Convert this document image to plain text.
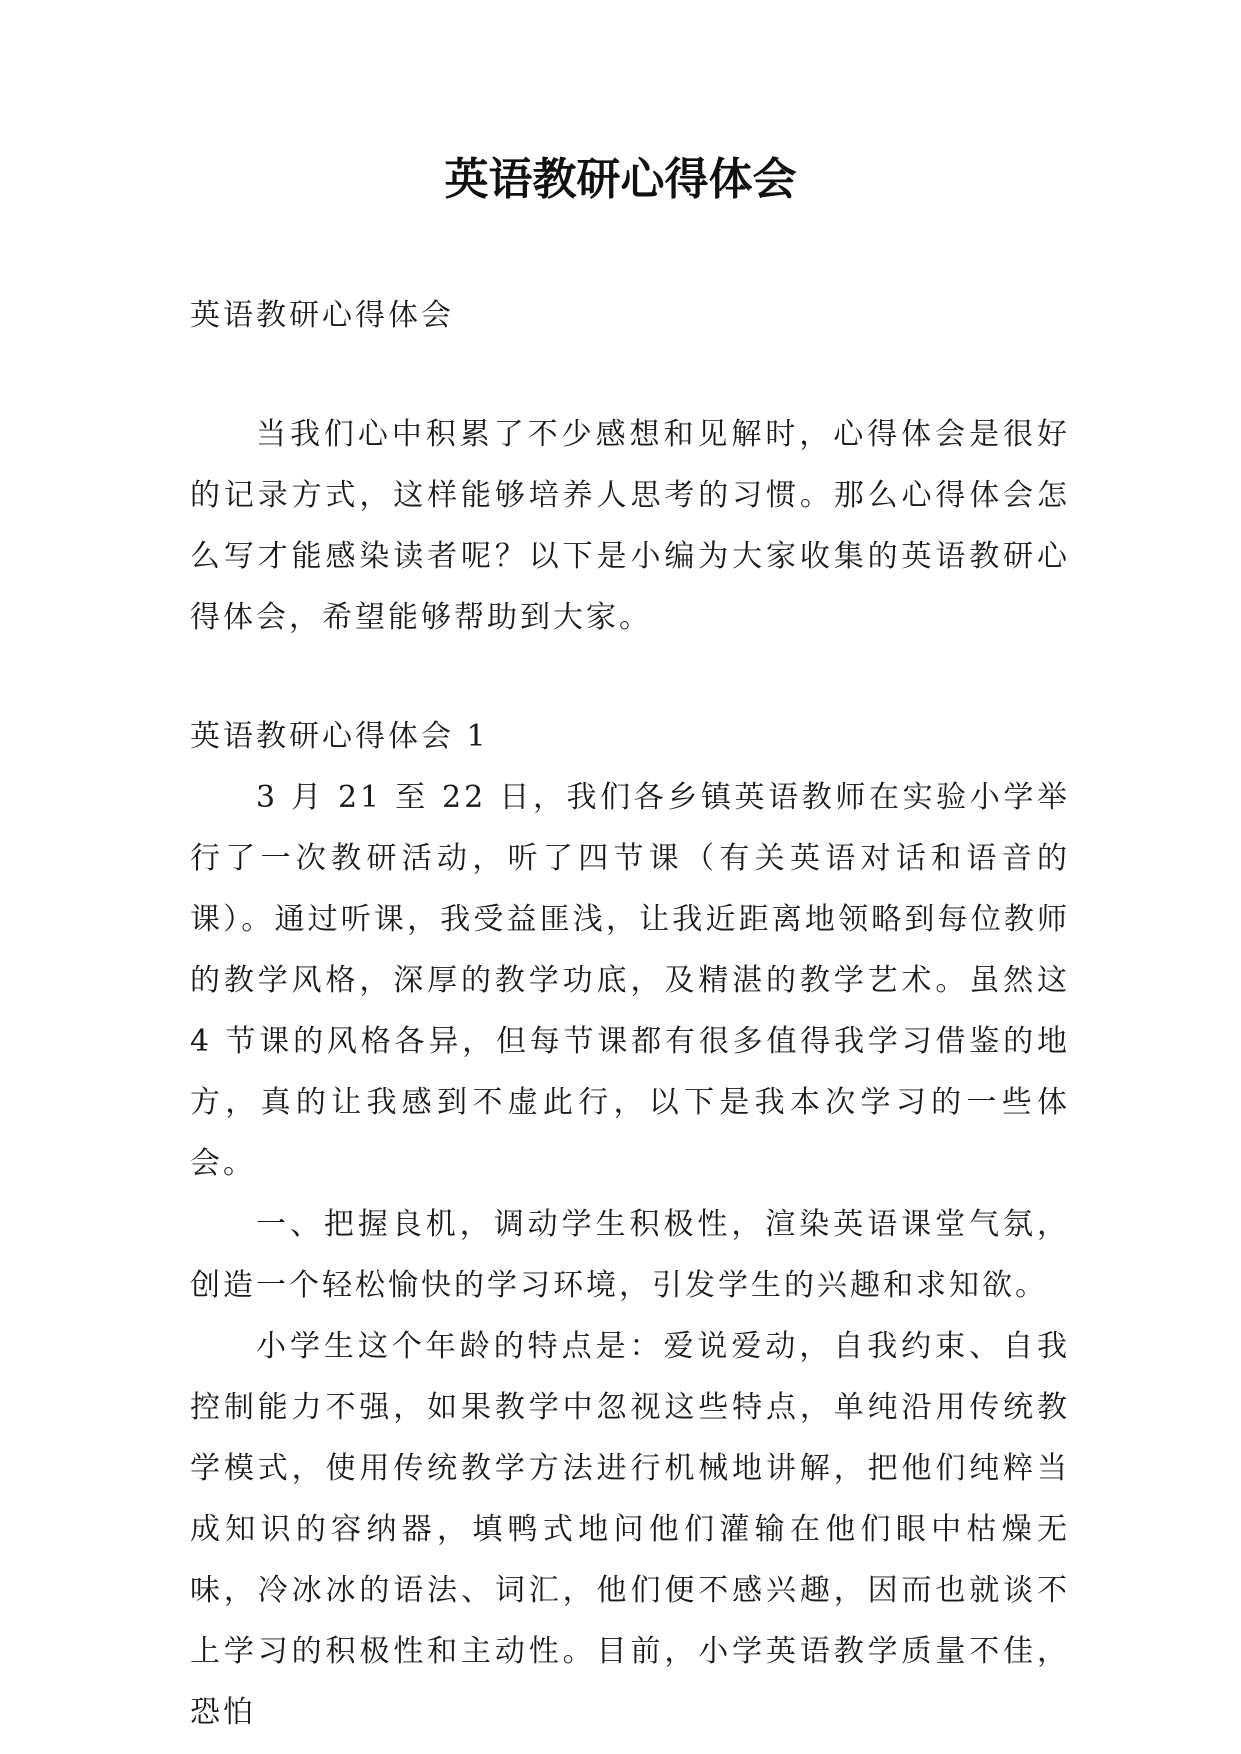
英语教研心得体会

英语教研心得体会

当我们心中积累了不少感想和见解时，心得体会是很好的记录方式，这样能够培养人思考的习惯。那么心得体会怎么写才能感染读者呢？以下是小编为大家收集的英语教研心得体会，希望能够帮助到大家。

英语教研心得体会 1

3 月 21 至 22 日，我们各乡镇英语教师在实验小学举行了一次教研活动，听了四节课（有关英语对话和语音的课）。通过听课，我受益匪浅，让我近距离地领略到每位教师的教学风格，深厚的教学功底，及精湛的教学艺术。虽然这 4 节课的风格各异，但每节课都有很多值得我学习借鉴的地方，真的让我感到不虚此行，以下是我本次学习的一些体会。

一、把握良机，调动学生积极性，渲染英语课堂气氛，创造一个轻松愉快的学习环境，引发学生的兴趣和求知欲。

小学生这个年龄的特点是：爱说爱动，自我约束、自我控制能力不强，如果教学中忽视这些特点，单纯沿用传统教学模式，使用传统教学方法进行机械地讲解，把他们纯粹当成知识的容纳器，填鸭式地问他们灌输在他们眼中枯燥无味，冷冰冰的语法、词汇，他们便不感兴趣，因而也就谈不上学习的积极性和主动性。目前，小学英语教学质量不佳，恐怕
